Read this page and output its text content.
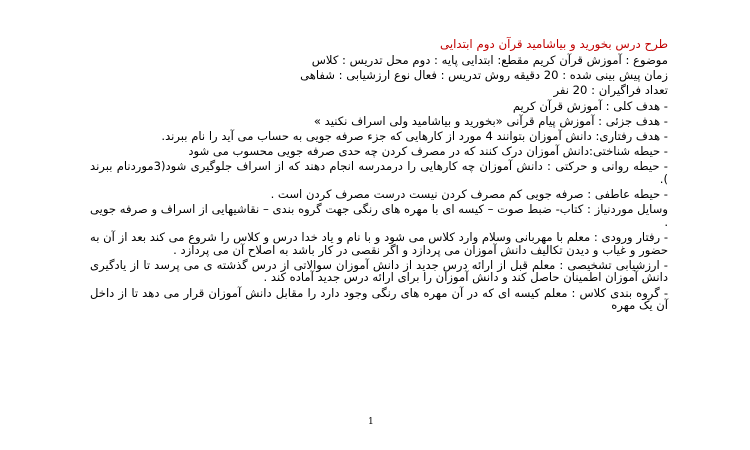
طرح درس بخورید و بیاشامید قرآن دوم ابتدایی
موضوع : آموزش قرآن کریم مقطع: ابتدایی پایه : دوم محل تدریس : کلاس
زمان پیش بینی شده : 20 دقیقه روش تدریس : فعال نوع ارزشیابی : شفاهی
تعداد فراگیران : 20 نفر
- هدف کلی : آموزش قرآن کریم
- هدف جزئی : آموزش پیام قرآنی «بخورید و بیاشامید ولی اسراف نکنید »
- هدف رفتاری: دانش آموزان بتوانند 4 مورد از کارهایی که جزء صرفه جویی به حساب می آید را نام ببرند.
- حیطه شناختی:دانش آموزان درک کنند که در مصرف کردن چه حدی صرفه جویی محسوب می شود
- حیطه روانی و حرکتی : دانش آموزان چه کارهایی را درمدرسه انجام دهند که از اسراف جلوگیری شود(3موردنام ببرند ).
- حیطه عاطفی : صرفه جویی کم مصرف کردن نیست درست مصرف کردن است .
وسایل موردنیاز : کتاب- ضبط صوت – کیسه ای با مهره های رنگی جهت گروه بندی – نقاشیهایی از اسراف و صرفه جویی .
- رفتار ورودی : معلم با مهربانی وسلام وارد کلاس می شود و با نام و یاد خدا درس و کلاس را شروع می کند بعد از آن به حضور و غیاب و دیدن تکالیف دانش آموزان می پردازد و اگر نقصی در کار باشد به اصلاح آن می پردازد .
- ارزشیابی تشخیصی : معلم قبل از ارائه درس جدید از دانش آموزان سوالاتی از درس گذشته ی می پرسد تا از یادگیری دانش آموزان اطمینان حاصل کند و دانش آموزان را برای ارائه درس جدید آماده کند .
- گروه بندی کلاس : معلم کیسه ای که در آن مهره های رنگی وجود دارد را مقابل دانش آموزان قرار می دهد تا از داخل آن یک مهره
1
